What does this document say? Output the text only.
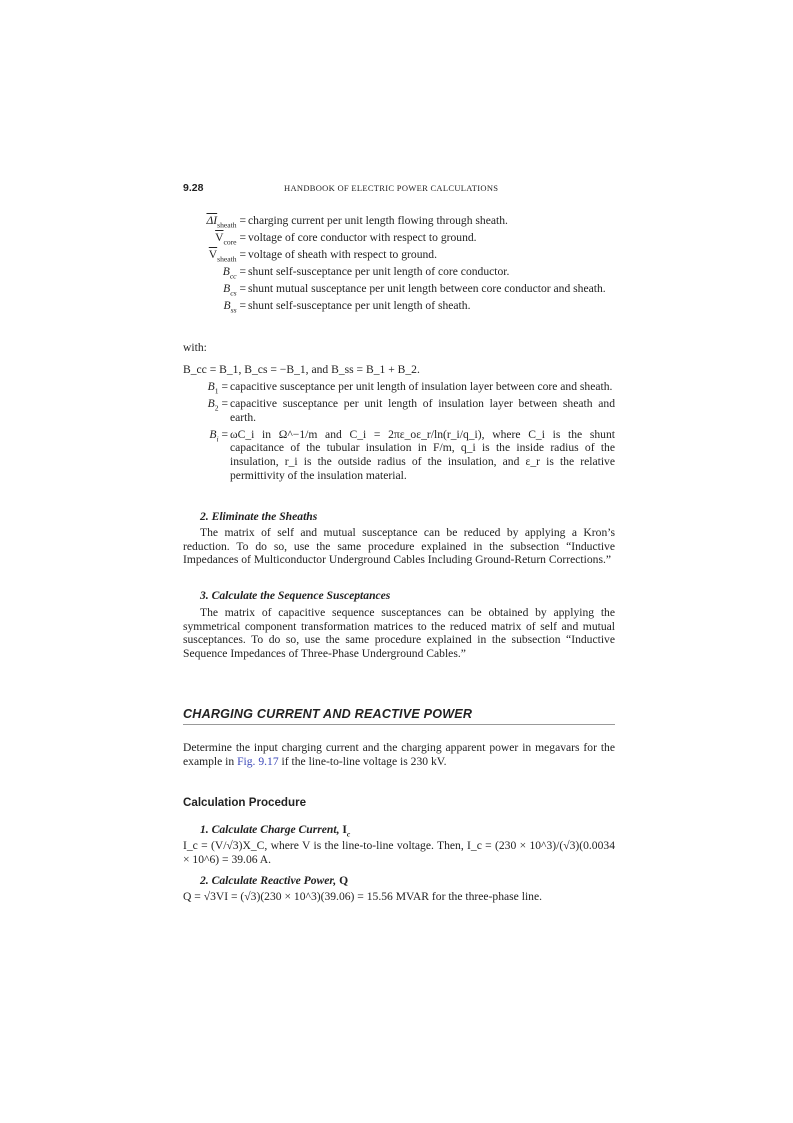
9.28	HANDBOOK OF ELECTRIC POWER CALCULATIONS
$\overline{\Delta I}_{sheath}$ = charging current per unit length flowing through sheath.
$\overline{V}_{core}$ = voltage of core conductor with respect to ground.
$\overline{V}_{sheath}$ = voltage of sheath with respect to ground.
$B_{cc}$ = shunt self-susceptance per unit length of core conductor.
$B_{cs}$ = shunt mutual susceptance per unit length between core conductor and sheath.
$B_{ss}$ = shunt self-susceptance per unit length of sheath.
with:
B_cc = B_1, B_cs = −B_1, and B_ss = B_1 + B_2.
$B_1$ = capacitive susceptance per unit length of insulation layer between core and sheath.
$B_2$ = capacitive susceptance per unit length of insulation layer between sheath and earth.
$B_i$ = ωC_i in Ω^−1/m and C_i = 2πε_oε_r/ln(r_i/q_i), where C_i is the shunt capacitance of the tubular insulation in F/m, q_i is the inside radius of the insulation, r_i is the outside radius of the insulation, and ε_r is the relative permittivity of the insulation material.
2. Eliminate the Sheaths
The matrix of self and mutual susceptance can be reduced by applying a Kron’s reduction. To do so, use the same procedure explained in the subsection “Inductive Impedances of Multiconductor Underground Cables Including Ground-Return Corrections.”
3. Calculate the Sequence Susceptances
The matrix of capacitive sequence susceptances can be obtained by applying the symmetrical component transformation matrices to the reduced matrix of self and mutual susceptances. To do so, use the same procedure explained in the subsection “Inductive Sequence Impedances of Three-Phase Underground Cables.”
CHARGING CURRENT AND REACTIVE POWER
Determine the input charging current and the charging apparent power in megavars for the example in Fig. 9.17 if the line-to-line voltage is 230 kV.
Calculation Procedure
1. Calculate Charge Current, $I_c$
I_c = (V/√3)X_C, where V is the line-to-line voltage. Then, I_c = (230 × 10^3)/(√3)(0.0034 × 10^6) = 39.06 A.
2. Calculate Reactive Power, Q
Q = √3VI = (√3)(230 × 10^3)(39.06) = 15.56 MVAR for the three-phase line.
